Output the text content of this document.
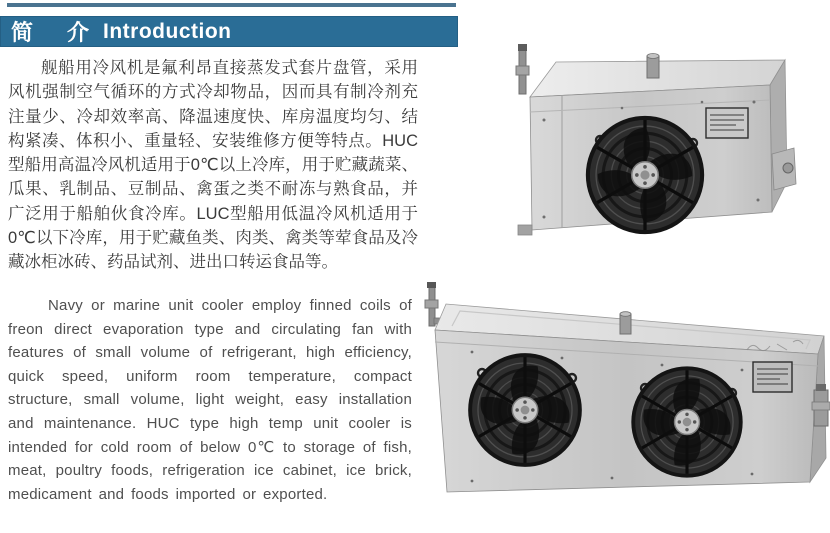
简　介 Introduction

舰船用冷风机是氟利昂直接蒸发式套片盘管，采用风机强制空气循环的方式冷却物品，因而具有制冷剂充注量少、冷却效率高、降温速度快、库房温度均匀、结构紧凑、体积小、重量轻、安装维修方便等特点。HUC型船用高温冷风机适用于0℃以上冷库，用于贮藏蔬菜、瓜果、乳制品、豆制品、禽蛋之类不耐冻与熟食品，并广泛用于船舶伙食冷库。LUC型船用低温冷风机适用于0℃以下冷库，用于贮藏鱼类、肉类、禽类等荤食品及冷藏冰柜冰砖、药品试剂、进出口转运食品等。

Navy or marine unit cooler employ finned coils of freon direct evaporation type and circulating fan with features of small volume of refrigerant, high efficiency, quick speed, uniform room temperature, compact structure, small volume, light weight, easy installation and maintenance. HUC type high temp unit cooler is intended for cold room of below 0℃ to storage of fish, meat, poultry foods, refrigeration ice cabinet, ice brick, medicament and foods imported or exported.
